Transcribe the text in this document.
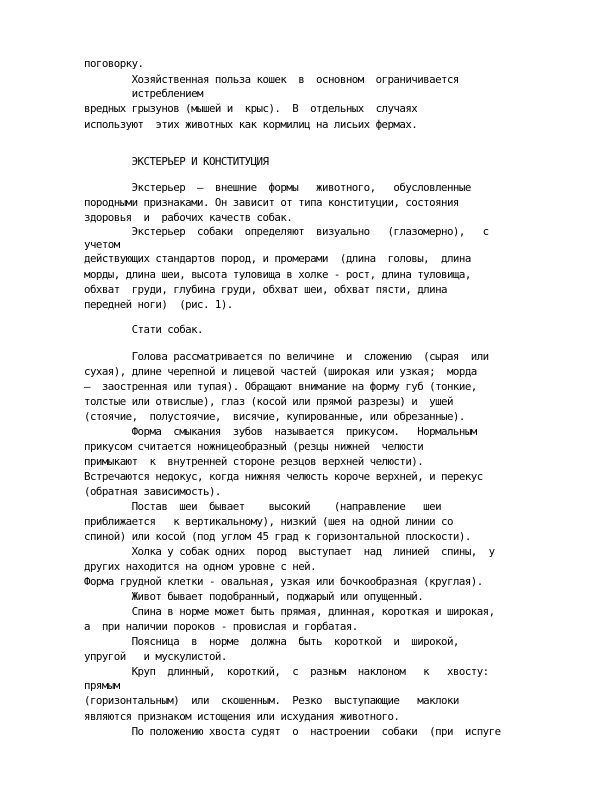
поговорку.
Хозяйственная польза кошек  в  основном  ограничивается
истреблением
вредных грызунов (мышей и  крыс).  В  отдельных  случаях
используют  этих животных как кормилиц на лисьих фермах.
ЭКСТЕРЬЕР И КОНСТИТУЦИЯ
Экстерьер  —  внешние  формы   животного,   обусловленные
породными признаками. Он зависит от типа конституции, состояния
здоровья  и  рабочих качеств собак.
Экстерьер  собаки  определяют  визуально   (глазомерно),   с
учетом
действующих стандартов пород, и промерами  (длина  головы,  длина
морды, длина шеи, высота туловища в холке - рост, длина туловища,
обхват  груди, глубина груди, обхват шеи, обхват пясти, длина
передней ноги)  (рис. 1).
Стати собак.
Голова рассматривается по величине  и  сложению  (сырая  или
сухая), длине черепной и лицевой частей (широкая или узкая;  морда
—  заостренная или тупая). Обращают внимание на форму губ (тонкие,
толстые или отвислые), глаз (косой или прямой разрезы) и  ушей
(стоячие,  полустоячие,  висячие, купированные, или обрезанные).
Форма  смыкания  зубов  называется  прикусом.   Нормальным
прикусом считается ножницеобразный (резцы нижней  челюсти
примыкают  к  внутренней стороне резцов верхней челюсти).
Встречаются недокус, когда нижняя челюсть короче верхней, и перекус
(обратная зависимость).
Постав  шеи  бывает    высокий    (направление   шеи
приближается   к вертикальному), низкий (шея на одной линии со
спиной) или косой (под углом 45 град к горизонтальной плоскости).
Холка у собак одних  пород  выступает  над  линией  спины,  у
других находится на одном уровне с ней.
Форма грудной клетки - овальная, узкая или бочкообразная (круглая).
Живот бывает подобранный, поджарый или опущенный.
Спина в норме может быть прямая, длинная, короткая и широкая,
а  при наличии пороков - провислая и горбатая.
Поясница  в  норме  должна  быть  короткой  и  широкой,
упругой   и мускулистой.
Круп  длинный,  короткий,  с  разным  наклоном   к   хвосту:
прямым
(горизонтальным)  или  скошенным.  Резко  выступающие   маклоки
являются признаком истощения или исхудания животного.
По положению хвоста судят  о  настроении  собаки  (при  испуге
